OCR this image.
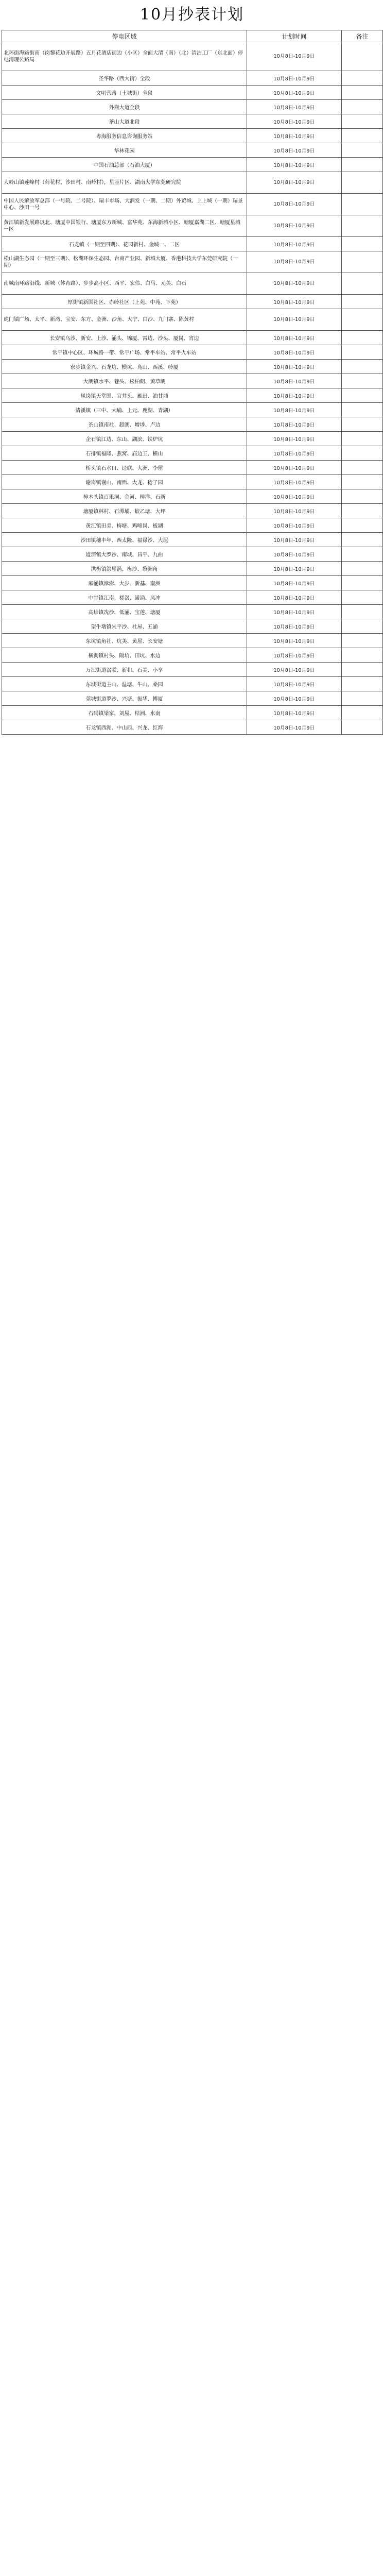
10月抄表计划
停电区域	计划时间	备注
北环街海路街南（岗黎花边开展路）五月花酒店街边（小区）全面大清（南）（北）清洁工厂（东北面）停电清理公路局	10月8日-10月9日	
圣华路（西大街）全段	10月8日-10月9日	
文明营路（土城街）全段	10月8日-10月9日	
外商大道全段	10月8日-10月9日	
茶山大道北段	10月8日-10月9日	
粤海服务信息咨询服务站	10月8日-10月9日	
华林花园	10月8日-10月9日	
中国石油总部（石油大厦）	10月8日-10月9日	
大岭山镇莲峰村（荷花村、沙田村、南岭村），星座片区、湖南大学东莞研究院	10月8日-10月9日	
中国人民解放军总部（一号院、二号院）、瑞丰市场、大润发（一期、二期）外贸城、上上城（一期）瑞景中心、沙田一号	10月8日-10月9日	
黄江镇新发展路以北、塘厦中国银行、塘厦东方新城、富华苑、东海新城小区、塘厦嘉湖二区、塘厦星城一区	10月8日-10月9日	
石龙镇（一期至四期）、花园新村、金城一、二区	10月8日-10月9日	
松山湖生态园（一期至三期）、松湖环保生态园、台商产业园、新城大厦、香港科技大学东莞研究院（一期）	10月8日-10月9日	
南城南环路沿线、新城（体育路）、步步高小区、西平、宏伟、白马、元美、白石	10月8日-10月9日	
厚街镇新围社区、赤岭社区（上苑、中苑、下苑）	10月8日-10月9日	
虎门镇广场、太平、新湾、宝安、东方、金洲、沙角、大宁、白沙、九门寨、陈黄村	10月8日-10月9日	
长安镇乌沙、新安、上沙、涌头、锦厦、霄边、沙头、厦岗、宵边	10月8日-10月9日	
常平镇中心区、环城路一带、常平广场、常平车站、常平火车站	10月8日-10月9日	
寮步镇金兴、石龙坑、横坑、凫山、西溪、岭厦	10月8日-10月9日	
大朗镇水平、巷头、松柏朗、黄草朗	10月8日-10月9日	
凤岗镇天堂围、官井头、雁田、油甘埔	10月8日-10月9日	
清溪镇（三中、大埔、上元、鹿湖、青湖）	10月8日-10月9日	
茶山镇南社、超朗、增埗、卢边	10月8日-10月9日	
企石镇江边、东山、湖滨、铁炉坑	10月8日-10月9日	
石排镇福隆、燕窝、庙边王、横山	10月8日-10月9日	
桥头镇石水口、迳联、大洲、李屋	10月8日-10月9日	
谢岗镇谢山、南面、大龙、稔子园	10月8日-10月9日	
樟木头镇百果洞、金河、樟洋、石新	10月8日-10月9日	
塘厦镇林村、石潭埔、蛟乙塘、大坪	10月8日-10月9日	
黄江镇田美、梅塘、鸡啼岗、板湖	10月8日-10月9日	
沙田镇穗丰年、西太隆、福禄沙、大泥	10月8日-10月9日	
道滘镇大罗沙、南城、昌平、九曲	10月8日-10月9日	
洪梅镇洪屋涡、梅沙、黎洲角	10月8日-10月9日	
麻涌镇漳澎、大步、新基、南洲	10月8日-10月9日	
中堂镇江南、槎滘、潢涌、凤冲	10月8日-10月9日	
高埗镇冼沙、低涌、宝莲、塘厦	10月8日-10月9日	
望牛墩镇朱平沙、杜屋、五涌	10月8日-10月9日	
东坑镇角社、坑美、黄屋、长安塘	10月8日-10月9日	
横沥镇村头、隔坑、田坑、水边	10月8日-10月9日	
万江街道滘联、新和、石美、小享	10月8日-10月9日	
东城街道主山、温塘、牛山、桑园	10月8日-10月9日	
莞城街道罗沙、兴塘、振华、博厦	10月8日-10月9日	
石碣镇梁家、刘屋、桔洲、水南	10月8日-10月9日	
石龙镇西湖、中山西、兴龙、红海	10月8日-10月9日	
